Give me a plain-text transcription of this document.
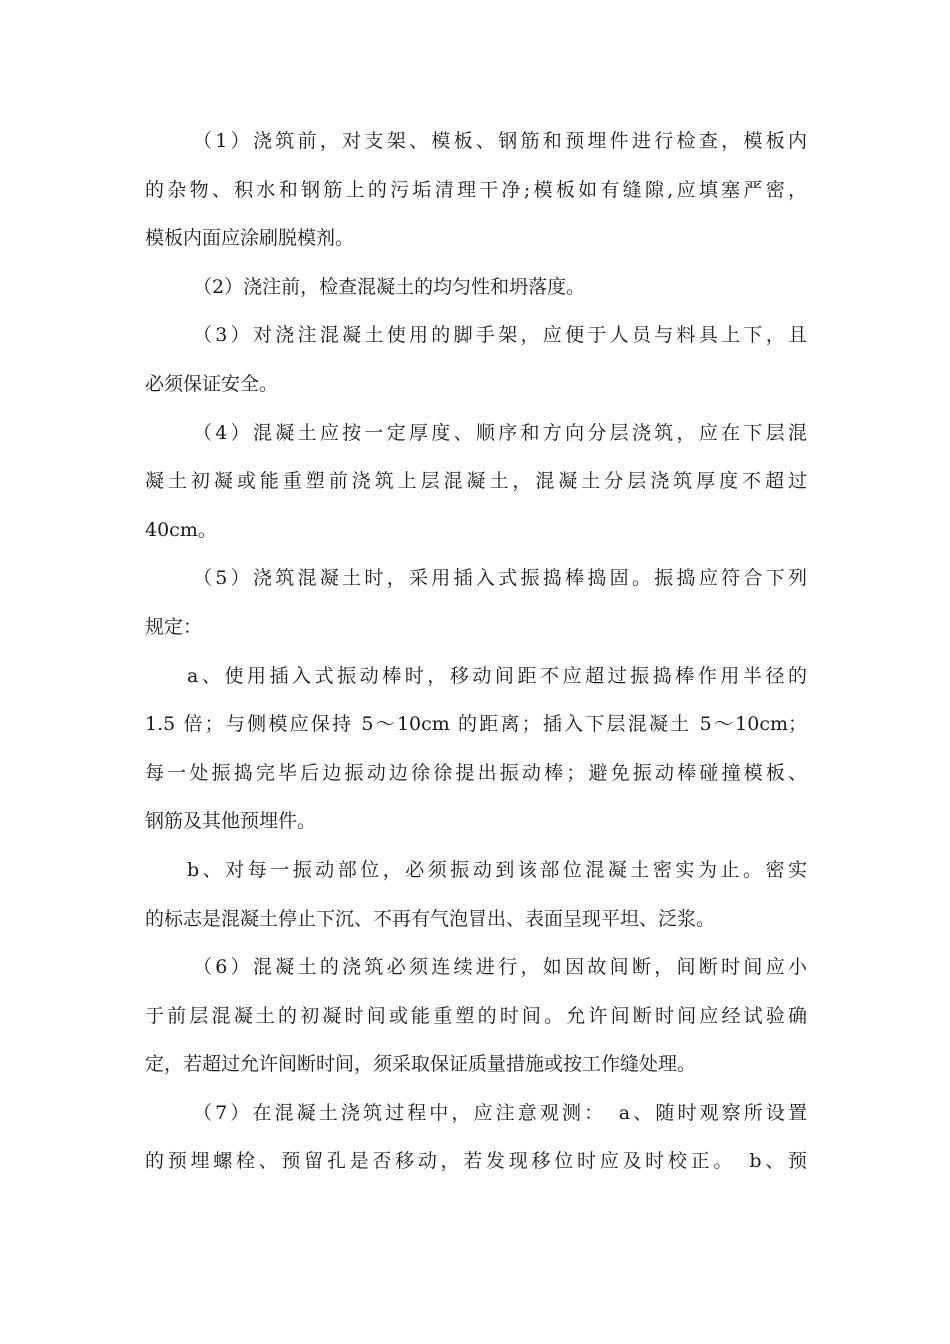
（1）浇筑前，对支架、模板、钢筋和预埋件进行检查，模板内
的杂物、积水和钢筋上的污垢清理干净;模板如有缝隙,应填塞严密，
模板内面应涂刷脱模剂。
（2）浇注前，检查混凝土的均匀性和坍落度。
（3）对浇注混凝土使用的脚手架，应便于人员与料具上下，且
必须保证安全。
（4）混凝土应按一定厚度、顺序和方向分层浇筑，应在下层混
凝土初凝或能重塑前浇筑上层混凝土，混凝土分层浇筑厚度不超过
40cm。
（5）浇筑混凝土时，采用插入式振捣棒捣固。振捣应符合下列
规定：
a、使用插入式振动棒时，移动间距不应超过振捣棒作用半径的
1.5 倍；与侧模应保持 5～10cm 的距离；插入下层混凝土 5～10cm；
每一处振捣完毕后边振动边徐徐提出振动棒；避免振动棒碰撞模板、
钢筋及其他预埋件。
b、对每一振动部位，必须振动到该部位混凝土密实为止。密实
的标志是混凝土停止下沉、不再有气泡冒出、表面呈现平坦、泛浆。
（6）混凝土的浇筑必须连续进行，如因故间断，间断时间应小
于前层混凝土的初凝时间或能重塑的时间。允许间断时间应经试验确
定，若超过允许间断时间，须采取保证质量措施或按工作缝处理。
（7）在混凝土浇筑过程中，应注意观测：　a、随时观察所设置
的预埋螺栓、预留孔是否移动，若发现移位时应及时校正。　b、预
